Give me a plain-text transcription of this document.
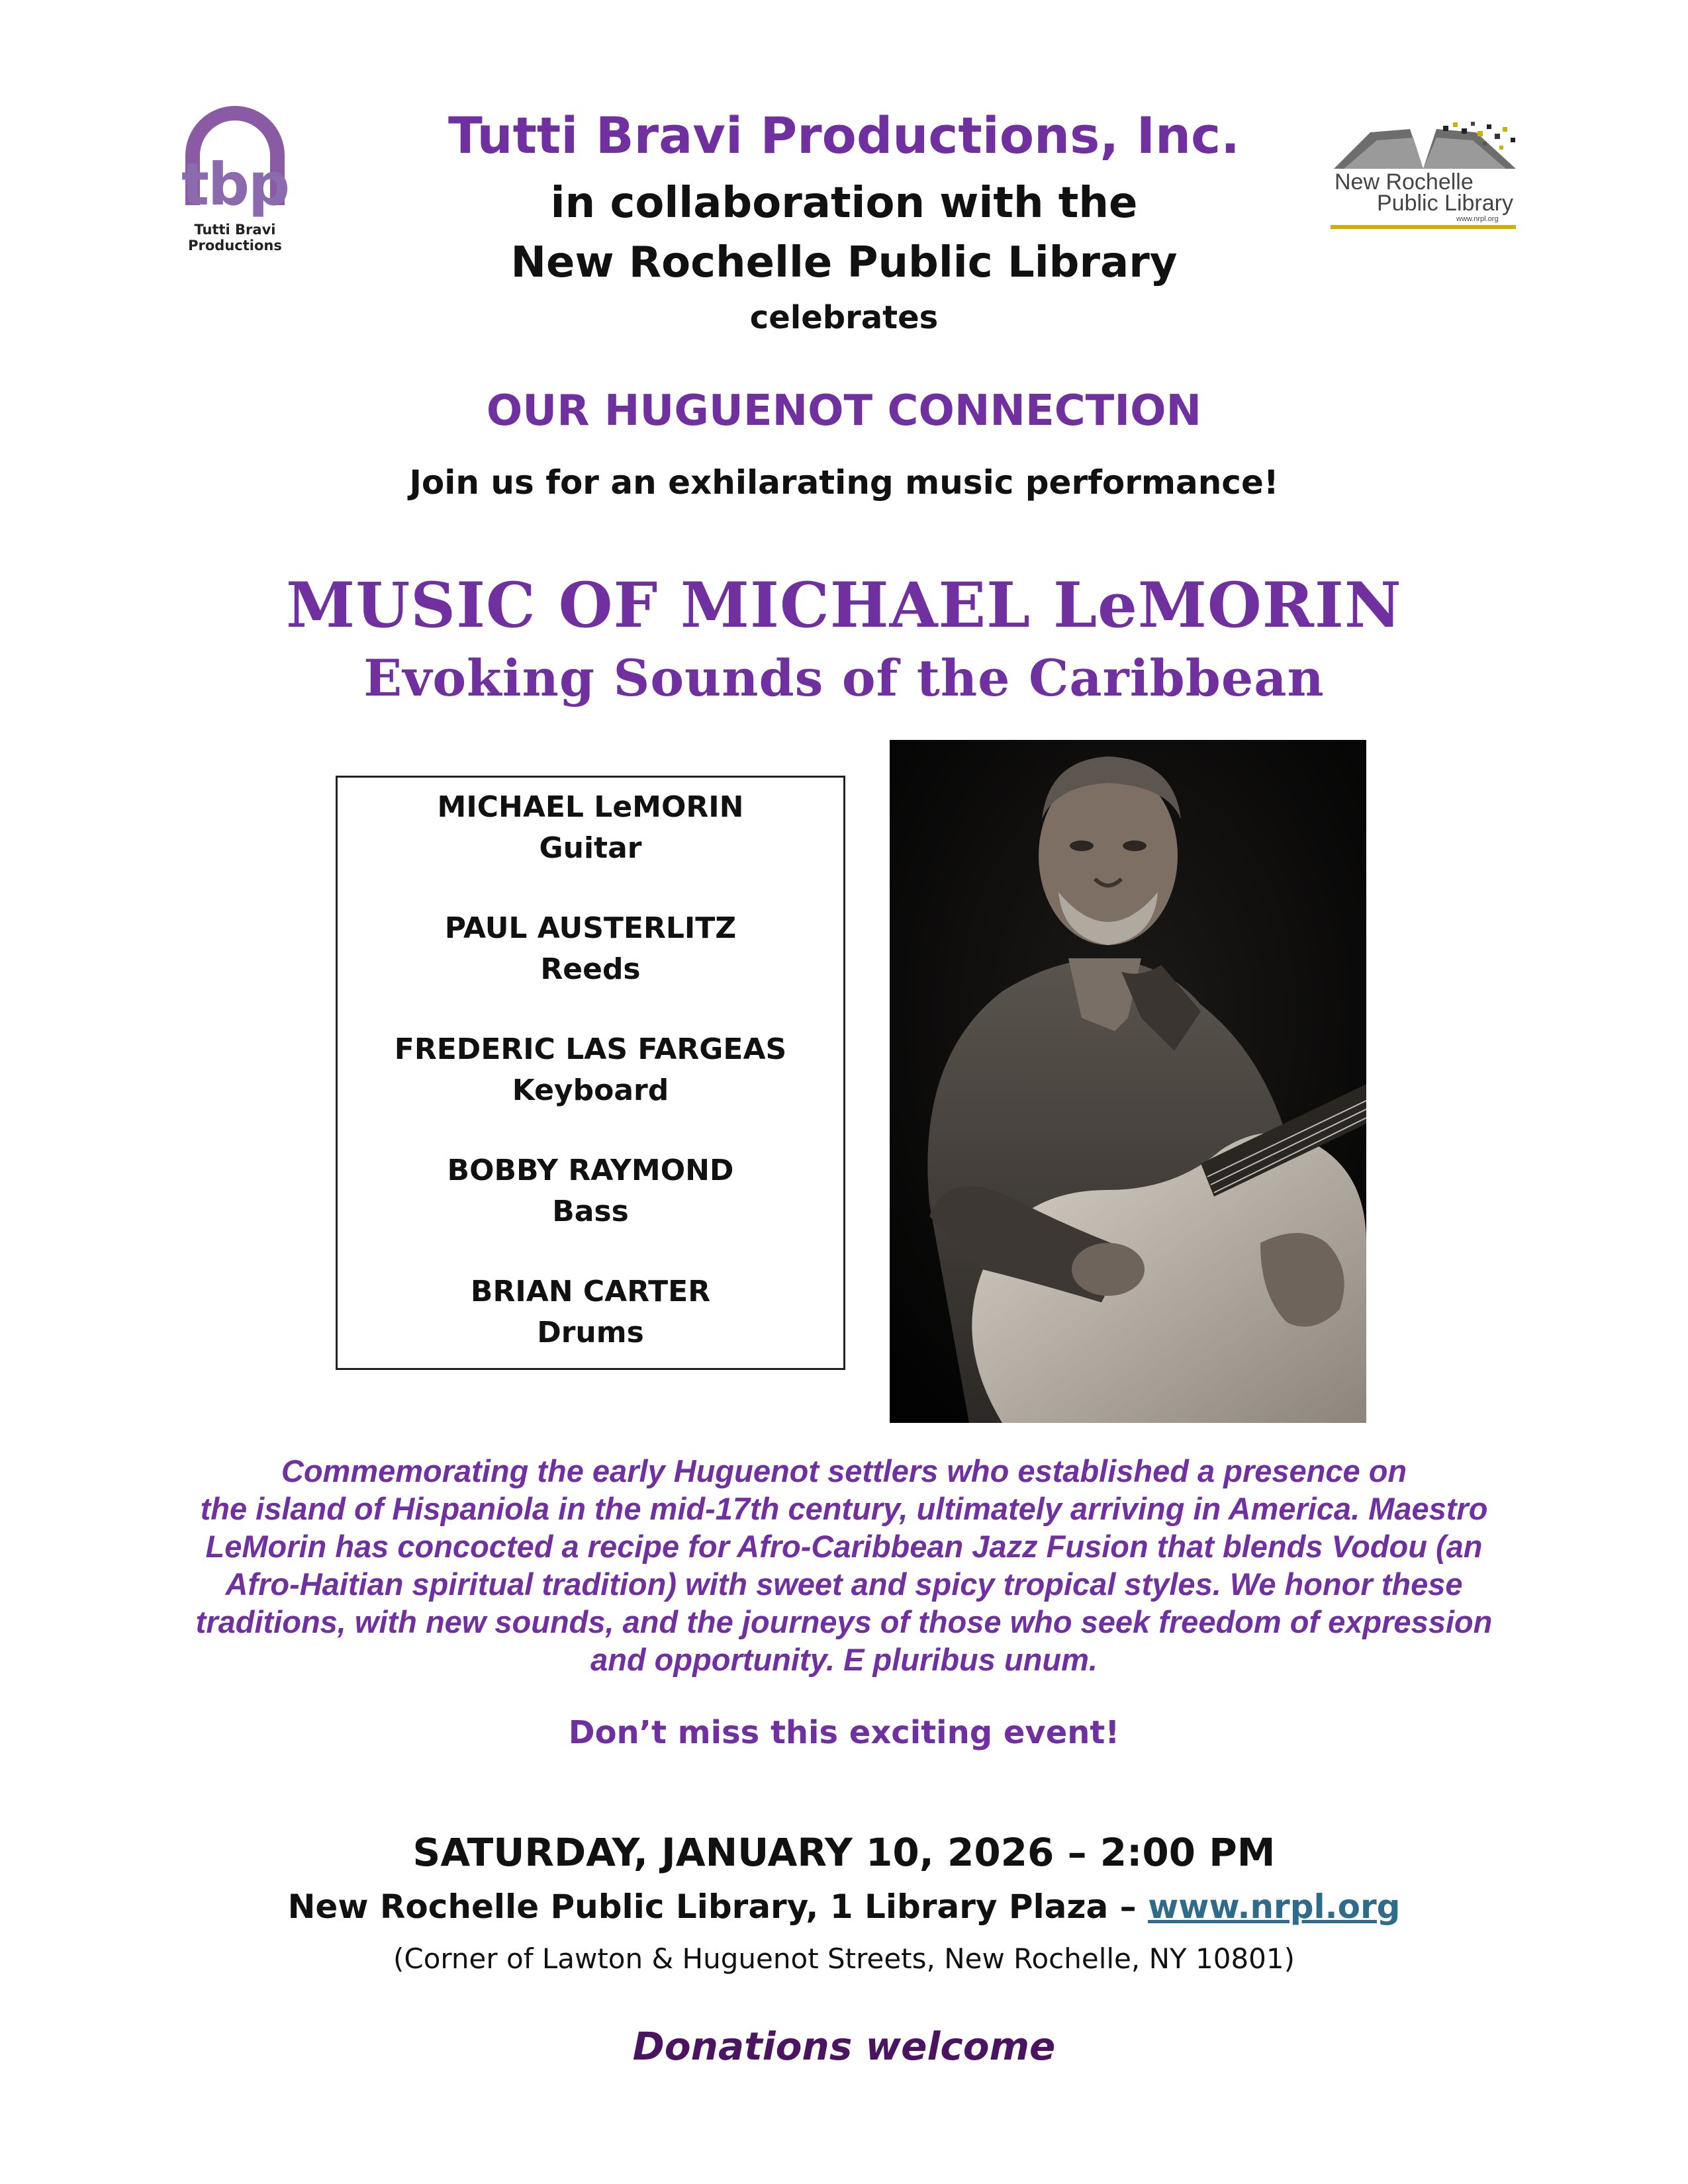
tbp
Tutti Bravi
Productions
New Rochelle
Public Library
www.nrpl.org
Tutti Bravi Productions, Inc.
in collaboration with the
New Rochelle Public Library
celebrates
OUR HUGUENOT CONNECTION
Join us for an exhilarating music performance!
MUSIC OF MICHAEL LeMORIN
Evoking Sounds of the Caribbean
MICHAEL LeMORIN
Guitar
PAUL AUSTERLITZ
Reeds
FREDERIC LAS FARGEAS
Keyboard
BOBBY RAYMOND
Bass
BRIAN CARTER
Drums
Commemorating the early Huguenot settlers who established a presence on
the island of Hispaniola in the mid-17th century, ultimately arriving in America. Maestro
LeMorin has concocted a recipe for Afro-Caribbean Jazz Fusion that blends Vodou (an
Afro-Haitian spiritual tradition) with sweet and spicy tropical styles. We honor these
traditions, with new sounds, and the journeys of those who seek freedom of expression
and opportunity. E pluribus unum.
Don’t miss this exciting event!
SATURDAY, JANUARY 10, 2026 – 2:00 PM
New Rochelle Public Library, 1 Library Plaza – www.nrpl.org
(Corner of Lawton & Huguenot Streets, New Rochelle, NY 10801)
Donations welcome
